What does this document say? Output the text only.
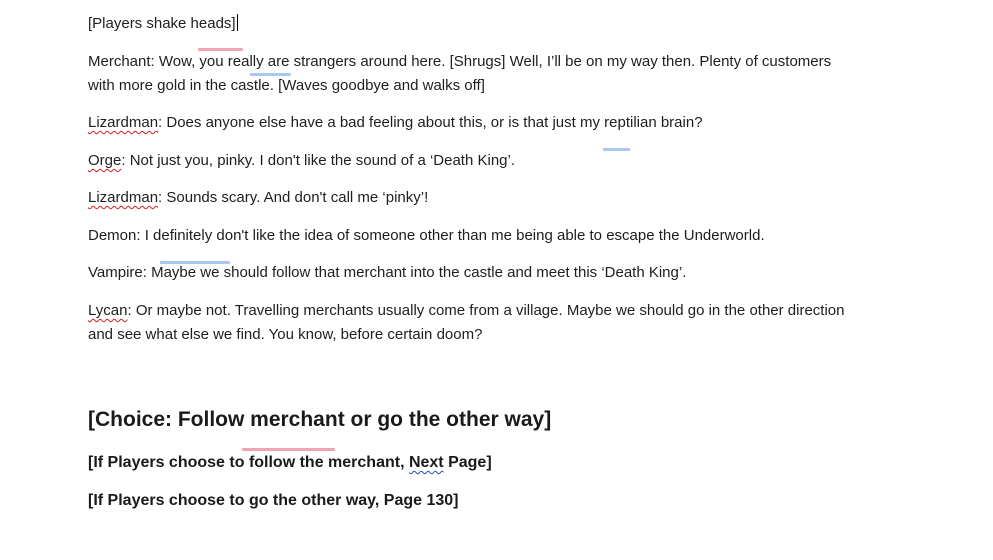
[Players shake heads]

Merchant: Wow, you really are strangers around here. [Shrugs] Well, I’ll be on my way then. Plenty of customers with more gold in the castle. [Waves goodbye and walks off]

Lizardman: Does anyone else have a bad feeling about this, or is that just my reptilian brain?

Orge: Not just you, pinky. I don't like the sound of a ‘Death King’.

Lizardman: Sounds scary. And don't call me ‘pinky’!

Demon: I definitely don't like the idea of someone other than me being able to escape the Underworld.

Vampire: Maybe we should follow that merchant into the castle and meet this ‘Death King’.

Lycan: Or maybe not. Travelling merchants usually come from a village. Maybe we should go in the other direction and see what else we find. You know, before certain doom?

[Choice: Follow merchant or go the other way]

[If Players choose to follow the merchant, Next Page]

[If Players choose to go the other way, Page 130]
